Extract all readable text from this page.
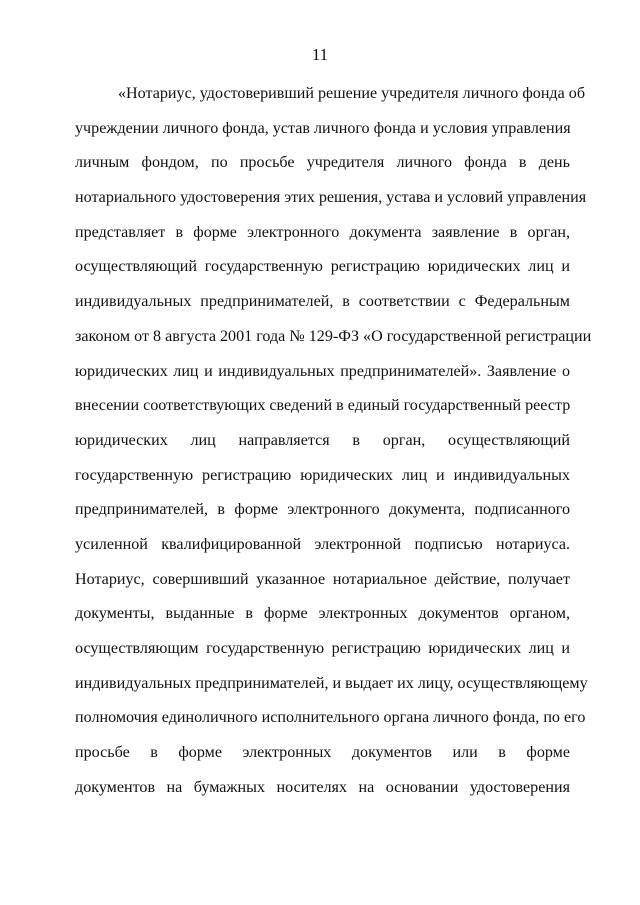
11
«Нотариус, удостоверивший решение учредителя личного фонда об
учреждении личного фонда, устав личного фонда и условия управления
личным фондом, по просьбе учредителя личного фонда в день
нотариального удостоверения этих решения, устава и условий управления
представляет в форме электронного документа заявление в орган,
осуществляющий государственную регистрацию юридических лиц и
индивидуальных предпринимателей, в соответствии с Федеральным
законом от 8 августа 2001 года № 129-ФЗ «О государственной регистрации
юридических лиц и индивидуальных предпринимателей». Заявление о
внесении соответствующих сведений в единый государственный реестр
юридических лиц направляется в орган, осуществляющий
государственную регистрацию юридических лиц и индивидуальных
предпринимателей, в форме электронного документа, подписанного
усиленной квалифицированной электронной подписью нотариуса.
Нотариус, совершивший указанное нотариальное действие, получает
документы, выданные в форме электронных документов органом,
осуществляющим государственную регистрацию юридических лиц и
индивидуальных предпринимателей, и выдает их лицу, осуществляющему
полномочия единоличного исполнительного органа личного фонда, по его
просьбе в форме электронных документов или в форме
документов на бумажных носителях на основании удостоверения
